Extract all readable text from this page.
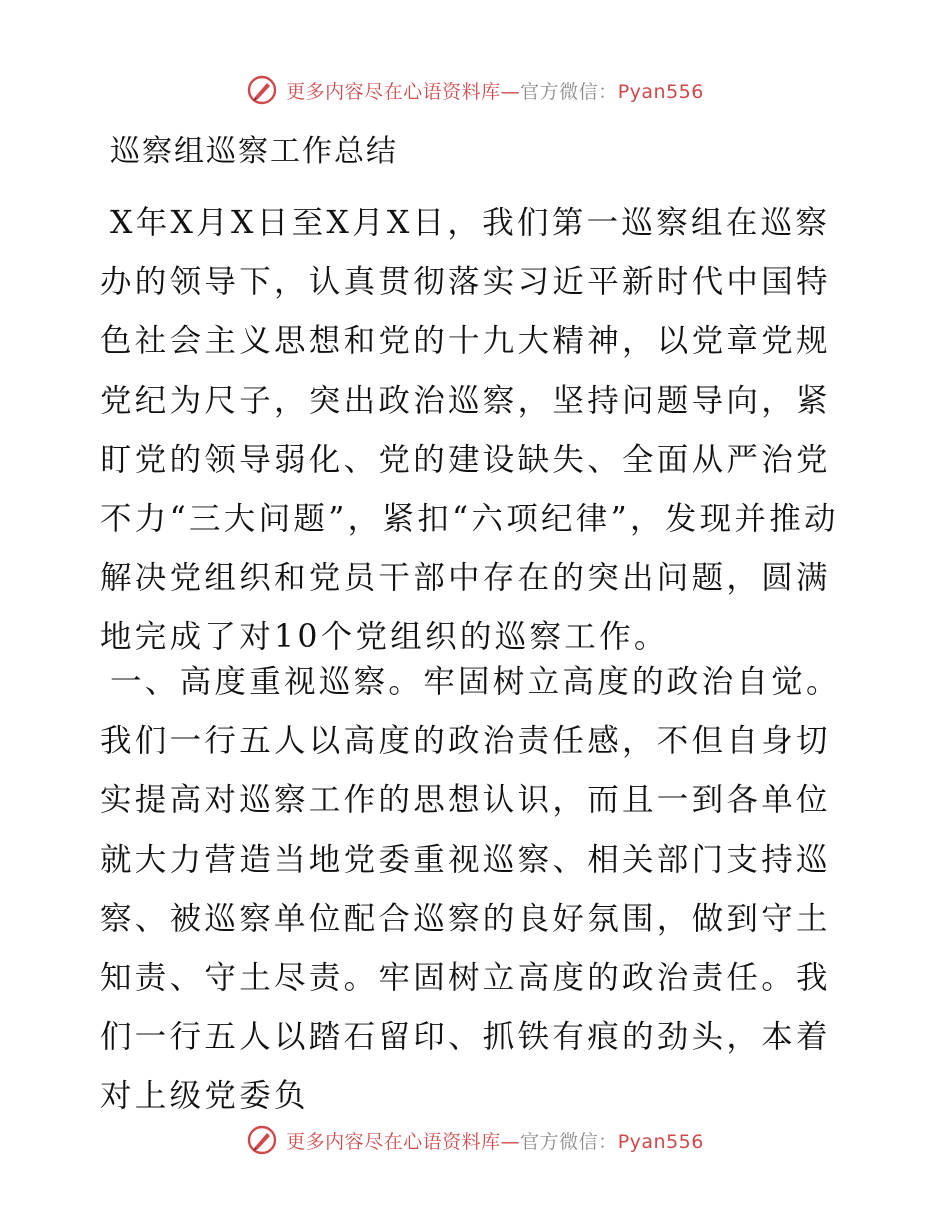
更多内容尽在心语资料库—官方微信：Pyan556
巡察组巡察工作总结

X年X月X日至X月X日，我们第一巡察组在巡察办的领导下，认真贯彻落实习近平新时代中国特色社会主义思想和党的十九大精神，以党章党规党纪为尺子，突出政治巡察，坚持问题导向，紧盯党的领导弱化、党的建设缺失、全面从严治党不力“三大问题”，紧扣“六项纪律”，发现并推动解决党组织和党员干部中存在的突出问题，圆满地完成了对10个党组织的巡察工作。

一、高度重视巡察。牢固树立高度的政治自觉。我们一行五人以高度的政治责任感，不但自身切实提高对巡察工作的思想认识，而且一到各单位就大力营造当地党委重视巡察、相关部门支持巡察、被巡察单位配合巡察的良好氛围，做到守土知责、守土尽责。牢固树立高度的政治责任。我们一行五人以踏石留印、抓铁有痕的劲头，本着对上级党委负

更多内容尽在心语资料库—官方微信：Pyan556
